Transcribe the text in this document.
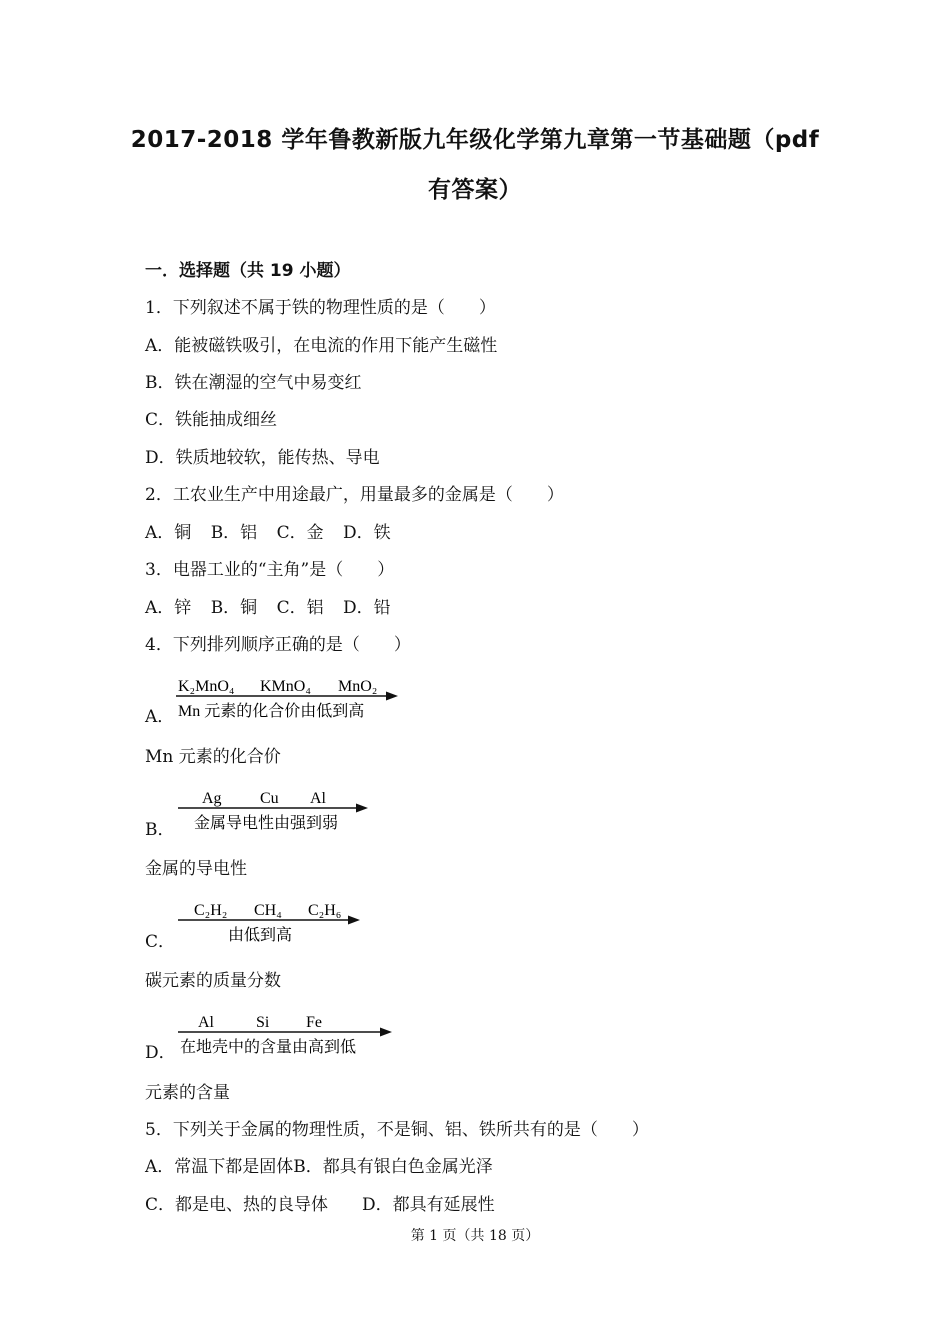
2017-2018 学年鲁教新版九年级化学第九章第一节基础题（pdf
有答案）
一．选择题（共 19 小题）
1．下列叙述不属于铁的物理性质的是（　　）
A．能被磁铁吸引，在电流的作用下能产生磁性
B．铁在潮湿的空气中易变红
C．铁能抽成细丝
D．铁质地较软，能传热、导电
2．工农业生产中用途最广，用量最多的金属是（　　）
A．铜 B．铝 C．金 D．铁
3．电器工业的“主角”是（　　）
A．锌 B．铜 C．铝 D．铅
4．下列排列顺序正确的是（　　）
A．
K₂MnO₄ KMnO₄ MnO₂
Mn 元素的化合价由低到高
Mn 元素的化合价
B．
Ag Cu Al
金属导电性由强到弱
金属的导电性
C．
C₂H₂ CH₄ C₂H₆
由低到高
碳元素的质量分数
D．
Al	Si Fe
在地壳中的含量由高到低
元素的含量
5．下列关于金属的物理性质，不是铜、铝、铁所共有的是（　　）
A．常温下都是固体B．都具有银白色金属光泽
C．都是电、热的良导体 D．都具有延展性
第 1 页（共 18 页）
